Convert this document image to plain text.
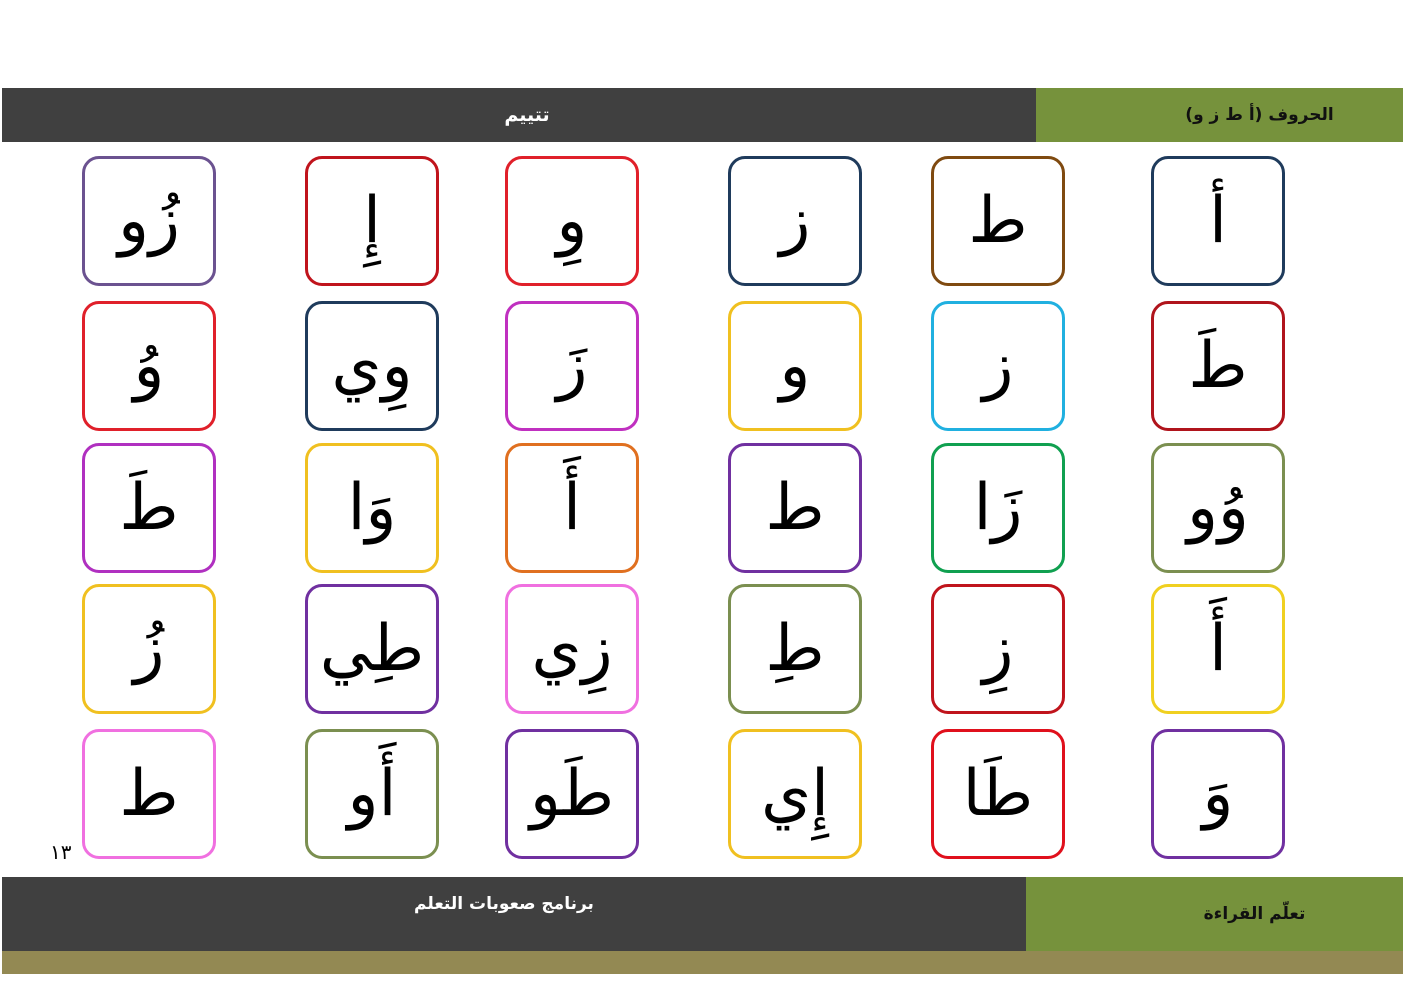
تتييم	الحروف (أ ط ز و)
أ
ط
ز
وِ
إِ
زُو
طَ
ز
و
زَ
وِي
وُ
وُو
زَا
ط
أَ
وَا
طَ
أَ
زِ
طِ
زِي
طِي
زُ
وَ
طَا
إِي
طَو
أَو
ط
١٣
برنامج صعوبات التعلم	تعلّم القراءة
